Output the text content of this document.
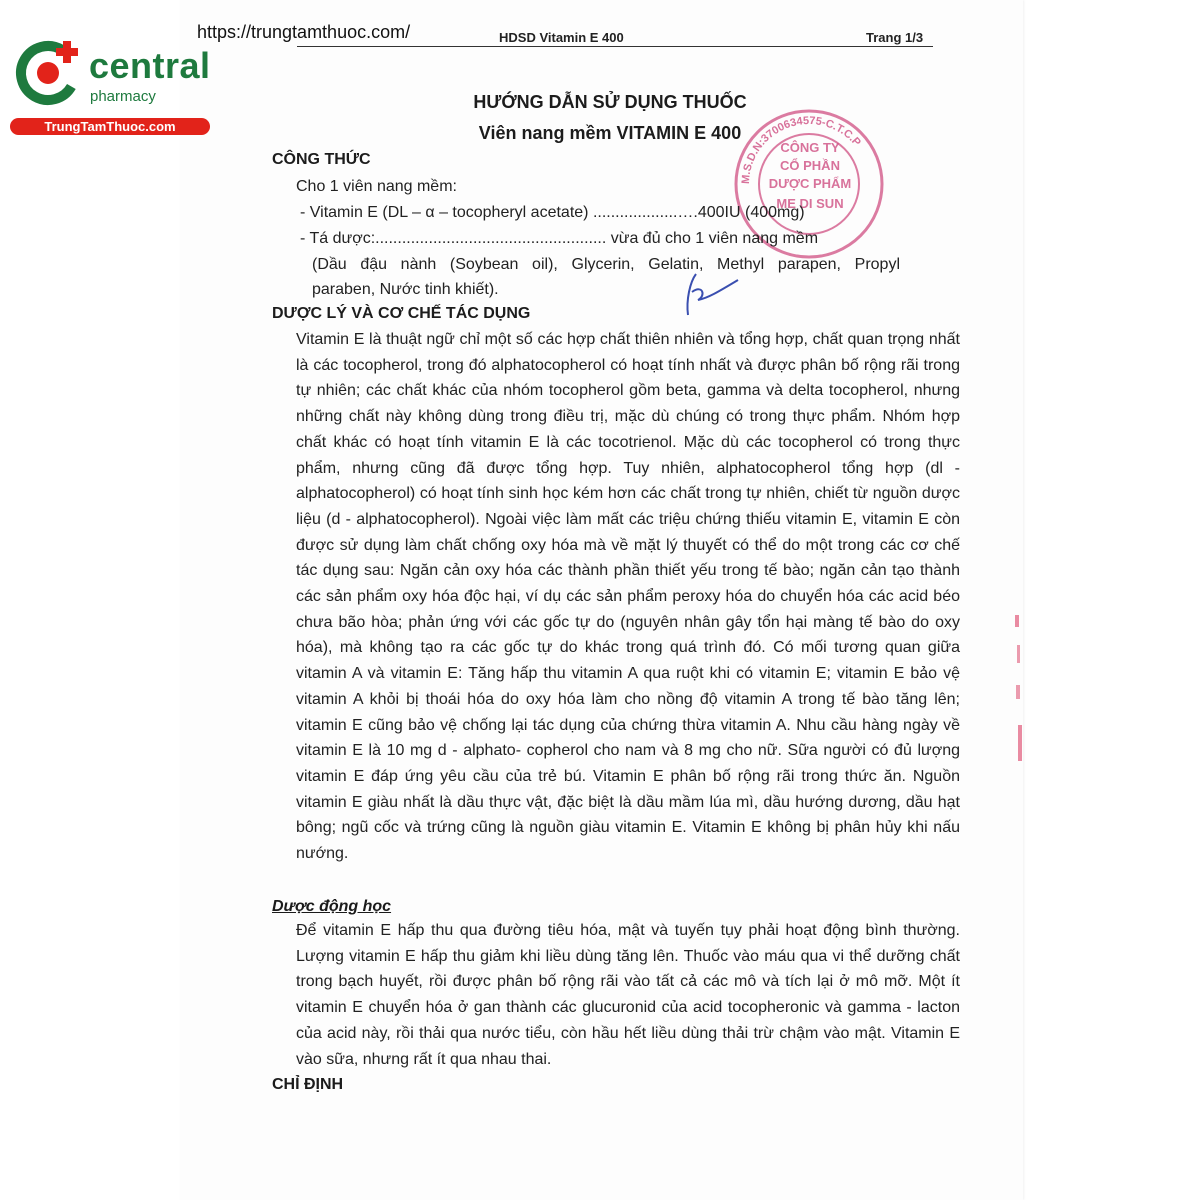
central
pharmacy
TrungTamThuoc.com
https://trungtamthuoc.com/	HDSD Vitamin E 400	Trang 1/3
HƯỚNG DẪN SỬ DỤNG THUỐC
Viên nang mềm VITAMIN E 400
M.S.D.N:3700634575-C.T.C.P
CÔNG TY
CỔ PHẦN
DƯỢC PHẨM
ME DI SUN
CÔNG THỨC
Cho 1 viên nang mềm:
- Vitamin E (DL – α – tocopheryl acetate) ...................….400IU (400mg)
- Tá dược:.................................................... vừa đủ cho 1 viên nang mềm
(Dầu đậu nành (Soybean oil), Glycerin, Gelatin, Methyl parapen, Propyl
paraben, Nước tinh khiết).
DƯỢC LÝ VÀ CƠ CHẾ TÁC DỤNG
Vitamin E là thuật ngữ chỉ một số các hợp chất thiên nhiên và tổng hợp, chất quan trọng nhất là các tocopherol, trong đó alphatocopherol có hoạt tính nhất và được phân bố rộng rãi trong tự nhiên; các chất khác của nhóm tocopherol gồm beta, gamma và delta tocopherol, nhưng những chất này không dùng trong điều trị, mặc dù chúng có trong thực phẩm. Nhóm hợp chất khác có hoạt tính vitamin E là các tocotrienol. Mặc dù các tocopherol có trong thực phẩm, nhưng cũng đã được tổng hợp. Tuy nhiên, alphatocopherol tổng hợp (dl - alphatocopherol) có hoạt tính sinh học kém hơn các chất trong tự nhiên, chiết từ nguồn dược liệu (d - alphatocopherol). Ngoài việc làm mất các triệu chứng thiếu vitamin E, vitamin E còn được sử dụng làm chất chống oxy hóa mà về mặt lý thuyết có thể do một trong các cơ chế tác dụng sau: Ngăn cản oxy hóa các thành phần thiết yếu trong tế bào; ngăn cản tạo thành các sản phẩm oxy hóa độc hại, ví dụ các sản phẩm peroxy hóa do chuyển hóa các acid béo chưa bão hòa; phản ứng với các gốc tự do (nguyên nhân gây tổn hại màng tế bào do oxy hóa), mà không tạo ra các gốc tự do khác trong quá trình đó. Có mối tương quan giữa vitamin A và vitamin E: Tăng hấp thu vitamin A qua ruột khi có vitamin E; vitamin E bảo vệ vitamin A khỏi bị thoái hóa do oxy hóa làm cho nồng độ vitamin A trong tế bào tăng lên; vitamin E cũng bảo vệ chống lại tác dụng của chứng thừa vitamin A. Nhu cầu hàng ngày về vitamin E là 10 mg d - alphato- copherol cho nam và 8 mg cho nữ. Sữa người có đủ lượng vitamin E đáp ứng yêu cầu của trẻ bú. Vitamin E phân bố rộng rãi trong thức ăn. Nguồn vitamin E giàu nhất là dầu thực vật, đặc biệt là dầu mầm lúa mì, dầu hướng dương, dầu hạt bông; ngũ cốc và trứng cũng là nguồn giàu vitamin E. Vitamin E không bị phân hủy khi nấu nướng.
Dược động học
Để vitamin E hấp thu qua đường tiêu hóa, mật và tuyến tụy phải hoạt động bình thường. Lượng vitamin E hấp thu giảm khi liều dùng tăng lên. Thuốc vào máu qua vi thể dưỡng chất trong bạch huyết, rồi được phân bố rộng rãi vào tất cả các mô và tích lại ở mô mỡ. Một ít vitamin E chuyển hóa ở gan thành các glucuronid của acid tocopheronic và gamma - lacton của acid này, rồi thải qua nước tiểu, còn hầu hết liều dùng thải trừ chậm vào mật. Vitamin E vào sữa, nhưng rất ít qua nhau thai.
CHỈ ĐỊNH
